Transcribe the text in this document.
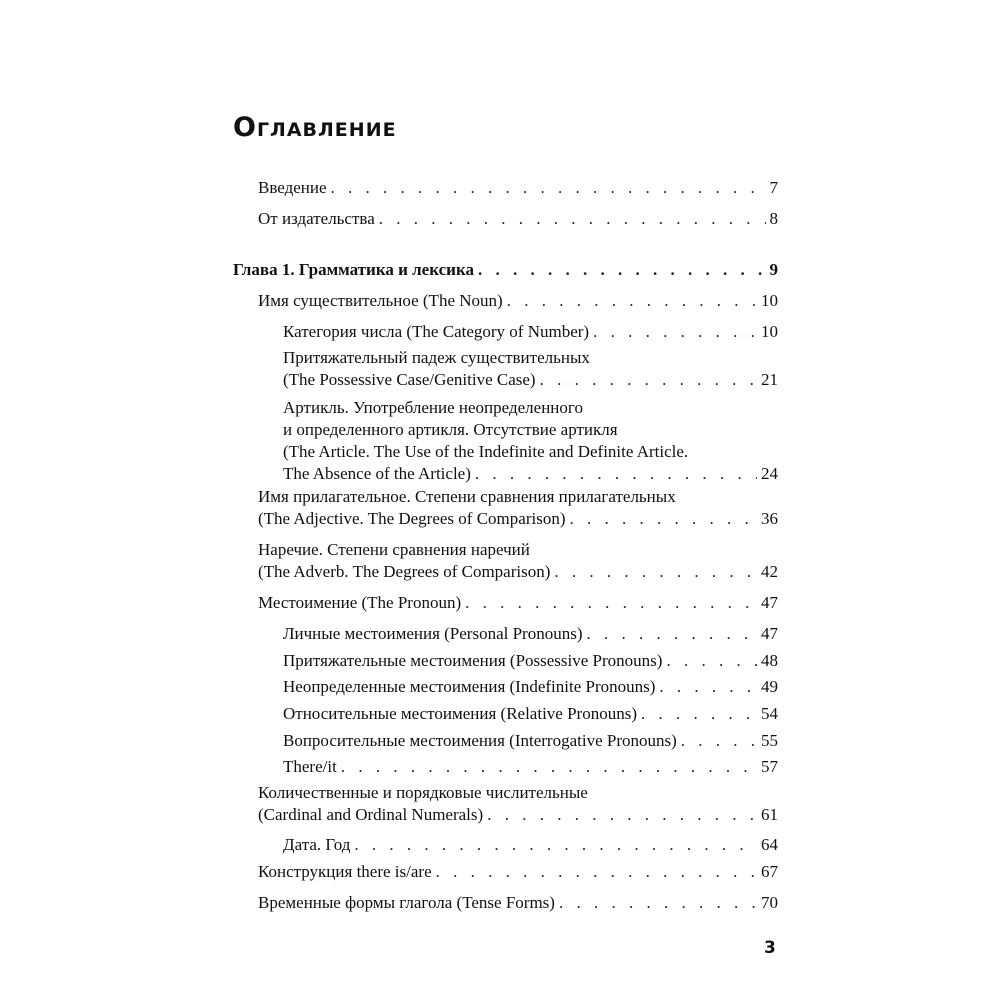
Оглавление
Введение . . .	7
От издательства . . .	8
Глава 1. Грамматика и лексика . . .	9
Имя существительное (The Noun) . . .	10
Категория числа (The Category of Number) . . .	10
Притяжательный падеж существительных
(The Possessive Case/Genitive Case) . . .	21
Артикль. Употребление неопределенного
и определенного артикля. Отсутствие артикля
(The Article. The Use of the Indefinite and Definite Article.
The Absence of the Article) . . .	24
Имя прилагательное. Степени сравнения прилагательных
(The Adjective. The Degrees of Comparison) . . .	36
Наречие. Степени сравнения наречий
(The Adverb. The Degrees of Comparison) . . .	42
Местоимение (The Pronoun) . . .	47
Личные местоимения (Personal Pronouns) . . .	47
Притяжательные местоимения (Possessive Pronouns) . . .	48
Неопределенные местоимения (Indefinite Pronouns) . . .	49
Относительные местоимения (Relative Pronouns) . . .	54
Вопросительные местоимения (Interrogative Pronouns) . . .	55
There/it . . .	57
Количественные и порядковые числительные
(Cardinal and Ordinal Numerals) . . .	61
Дата. Год . . .	64
Конструкция there is/are . . .	67
Временные формы глагола (Tense Forms) . . .	70
3
